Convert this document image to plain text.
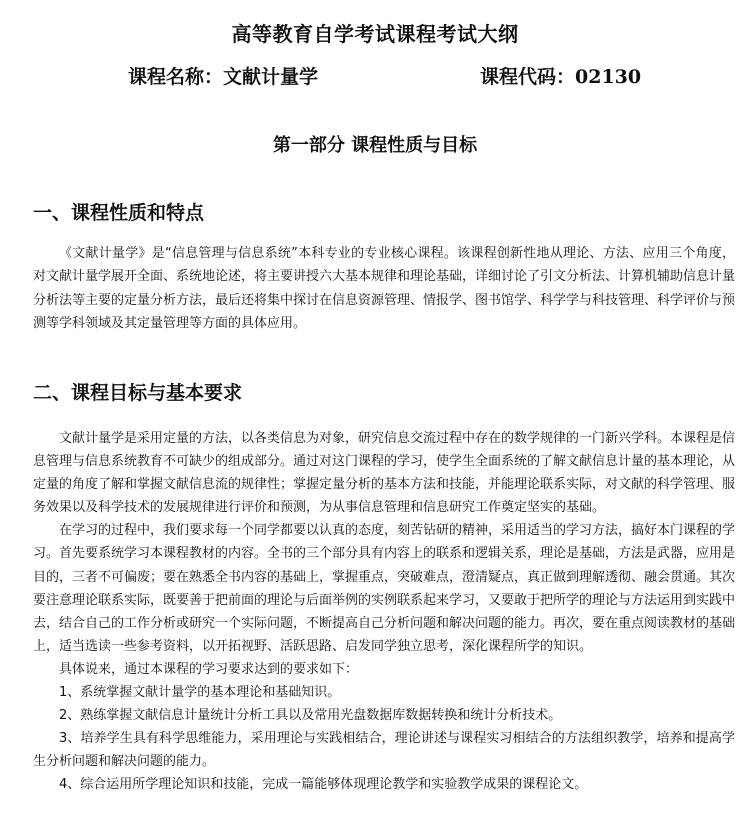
高等教育自学考试课程考试大纲
课程名称：文献计量学	课程代码：02130
第一部分 课程性质与目标
一、课程性质和特点

《文献计量学》是“信息管理与信息系统”本科专业的专业核心课程。该课程创新性地从理论、方法、应用三个角度，对文献计量学展开全面、系统地论述，将主要讲授六大基本规律和理论基础，详细讨论了引文分析法、计算机辅助信息计量分析法等主要的定量分析方法，最后还将集中探讨在信息资源管理、情报学、图书馆学、科学学与科技管理、科学评价与预测等学科领域及其定量管理等方面的具体应用。

二、课程目标与基本要求

文献计量学是采用定量的方法，以各类信息为对象，研究信息交流过程中存在的数学规律的一门新兴学科。本课程是信息管理与信息系统教育不可缺少的组成部分。通过对这门课程的学习，使学生全面系统的了解文献信息计量的基本理论，从定量的角度了解和掌握文献信息流的规律性；掌握定量分析的基本方法和技能，并能理论联系实际，对文献的科学管理、服务效果以及科学技术的发展规律进行评价和预测，为从事信息管理和信息研究工作奠定坚实的基础。

在学习的过程中，我们要求每一个同学都要以认真的态度，刻苦钻研的精神，采用适当的学习方法，搞好本门课程的学习。首先要系统学习本课程教材的内容。全书的三个部分具有内容上的联系和逻辑关系，理论是基础，方法是武器，应用是目的，三者不可偏废；要在熟悉全书内容的基础上，掌握重点，突破难点，澄清疑点，真正做到理解透彻、融会贯通。其次要注意理论联系实际，既要善于把前面的理论与后面举例的实例联系起来学习，又要敢于把所学的理论与方法运用到实践中去，结合自己的工作分析或研究一个实际问题，不断提高自己分析问题和解决问题的能力。再次，要在重点阅读教材的基础上，适当选读一些参考资料，以开拓视野、活跃思路、启发同学独立思考，深化课程所学的知识。

具体说来，通过本课程的学习要求达到的要求如下：

1、系统掌握文献计量学的基本理论和基础知识。
2、熟练掌握文献信息计量统计分析工具以及常用光盘数据库数据转换和统计分析技术。
3、培养学生具有科学思维能力，采用理论与实践相结合，理论讲述与课程实习相结合的方法组织教学，培养和提高学生分析问题和解决问题的能力。
4、综合运用所学理论知识和技能，完成一篇能够体现理论教学和实验教学成果的课程论文。
